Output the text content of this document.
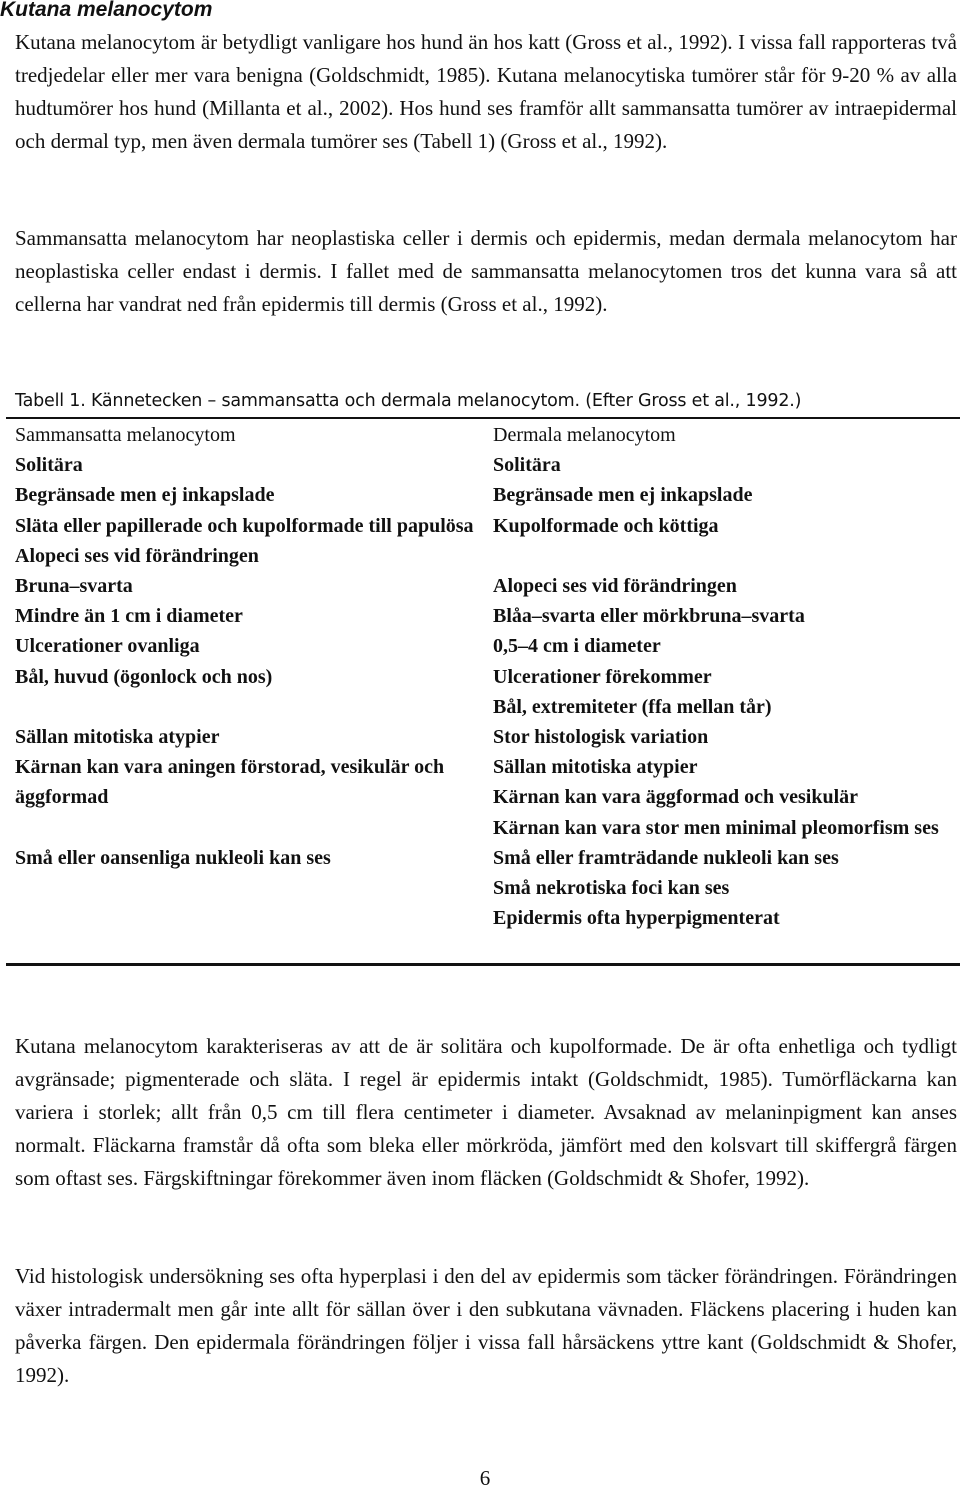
Kutana melanocytom

Kutana melanocytom är betydligt vanligare hos hund än hos katt (Gross et al., 1992). I vissa fall rapporteras två tredjedelar eller mer vara benigna (Goldschmidt, 1985). Kutana melanocytiska tumörer står för 9-20 % av alla hudtumörer hos hund (Millanta et al., 2002). Hos hund ses framför allt sammansatta tumörer av intraepidermal och dermal typ, men även dermala tumörer ses (Tabell 1) (Gross et al., 1992).

Sammansatta melanocytom har neoplastiska celler i dermis och epidermis, medan dermala melanocytom har neoplastiska celler endast i dermis. I fallet med de sammansatta melanocytomen tros det kunna vara så att cellerna har vandrat ned från epidermis till dermis (Gross et al., 1992).

Tabell 1. Kännetecken – sammansatta och dermala melanocytom. (Efter Gross et al., 1992.)

Sammansatta melanocytom
Solitära
Begränsade men ej inkapslade
Släta eller papillerade och kupolformade till papulösa
Alopeci ses vid förändringen
Bruna–svarta
Mindre än 1 cm i diameter
Ulcerationer ovanliga
Bål, huvud (ögonlock och nos)
Sällan mitotiska atypier
Kärnan kan vara aningen förstorad, vesikulär och äggformad
Små eller oansenliga nukleoli kan ses
Dermala melanocytom
Solitära
Begränsade men ej inkapslade
Kupolformade och köttiga
Alopeci ses vid förändringen
Blåa–svarta eller mörkbruna–svarta
0,5–4 cm i diameter
Ulcerationer förekommer
Bål, extremiteter (ffa mellan tår)
Stor histologisk variation
Sällan mitotiska atypier
Kärnan kan vara äggformad och vesikulär
Kärnan kan vara stor men minimal pleomorfism ses
Små eller framträdande nukleoli kan ses
Små nekrotiska foci kan ses
Epidermis ofta hyperpigmenterat

Kutana melanocytom karakteriseras av att de är solitära och kupolformade. De är ofta enhetliga och tydligt avgränsade; pigmenterade och släta. I regel är epidermis intakt (Goldschmidt, 1985). Tumörfläckarna kan variera i storlek; allt från 0,5 cm till flera centimeter i diameter. Avsaknad av melaninpigment kan anses normalt. Fläckarna framstår då ofta som bleka eller mörkröda, jämfört med den kolsvart till skiffergrå färgen som oftast ses. Färgskiftningar förekommer även inom fläcken (Goldschmidt & Shofer, 1992).

Vid histologisk undersökning ses ofta hyperplasi i den del av epidermis som täcker förändringen. Förändringen växer intradermalt men går inte allt för sällan över i den subkutana vävnaden. Fläckens placering i huden kan påverka färgen. Den epidermala förändringen följer i vissa fall hårsäckens yttre kant (Goldschmidt & Shofer, 1992).

6
